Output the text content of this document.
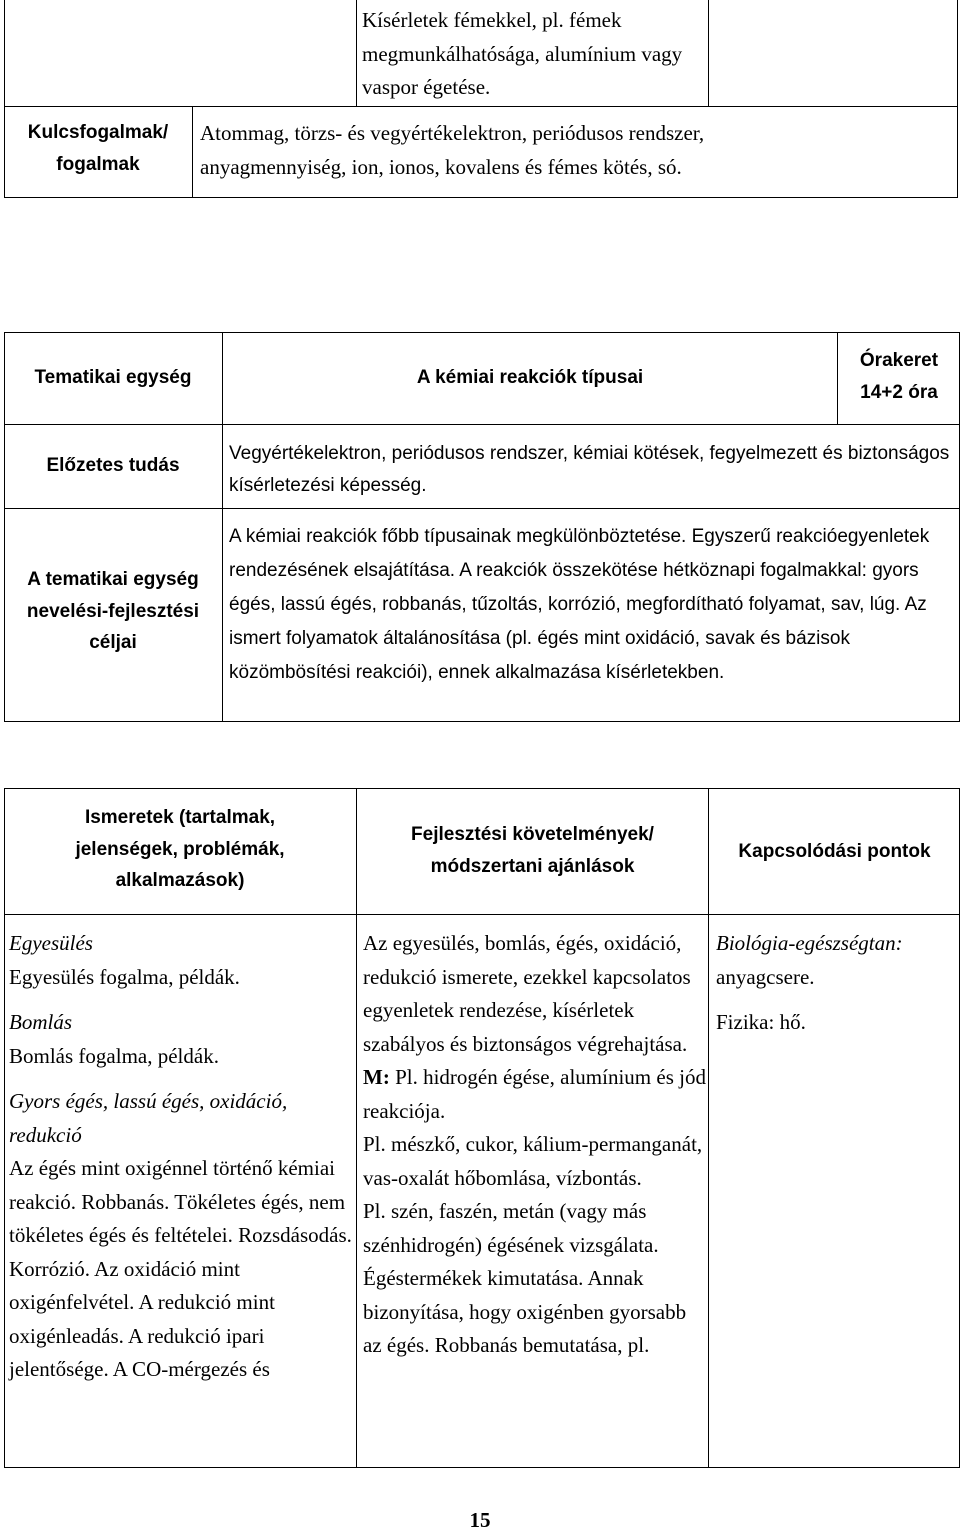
Kísérletek fémekkel, pl. fémek megmunkálhatósága, alumínium vagy vaspor égetése.
Kulcsfogalmak/
fogalmak
Atommag, törzs- és vegyértékelektron, periódusos rendszer, anyagmennyiség, ion, ionos, kovalens és fémes kötés, só.
Tematikai egység	A kémiai reakciók típusai
Órakeret
14+2 óra
Előzetes tudás
Vegyértékelektron, periódusos rendszer, kémiai kötések, fegyelmezett és biztonságos kísérletezési képesség.
A tematikai egység
nevelési-fejlesztési
céljai
A kémiai reakciók főbb típusainak megkülönböztetése. Egyszerű reakcióegyenletek rendezésének elsajátítása. A reakciók összekötése hétköznapi fogalmakkal: gyors égés, lassú égés, robbanás, tűzoltás, korrózió, megfordítható folyamat, sav, lúg. Az ismert folyamatok általánosítása (pl. égés mint oxidáció, savak és bázisok közömbösítési reakciói), ennek alkalmazása kísérletekben.
Ismeretek (tartalmak,
jelenségek, problémák,
alkalmazások)
Fejlesztési követelmények/
módszertani ajánlások
Kapcsolódási pontok

Egyesülés

Egyesülés fogalma, példák.

Bomlás

Bomlás fogalma, példák.

Gyors égés, lassú égés, oxidáció, redukció

Az égés mint oxigénnel történő kémiai reakció. Robbanás. Tökéletes égés, nem tökéletes égés és feltételei. Rozsdásodás. Korrózió. Az oxidáció mint oxigénfelvétel. A redukció mint oxigénleadás. A redukció ipari jelentősége. A CO-mérgezés és

Az egyesülés, bomlás, égés, oxidáció, redukció ismerete, ezekkel kapcsolatos egyenletek rendezése, kísérletek szabályos és biztonságos végrehajtása.

M: Pl. hidrogén égése, alumínium és jód reakciója.

Pl. mészkő, cukor, kálium-permanganát, vas-oxalát hőbomlása, vízbontás.

Pl. szén, faszén, metán (vagy más szénhidrogén) égésének vizsgálata. Égéstermékek kimutatása. Annak bizonyítása, hogy oxigénben gyorsabb az égés. Robbanás bemutatása, pl.

Biológia-egészségtan:

anyagcsere.

Fizika: hő.

15
